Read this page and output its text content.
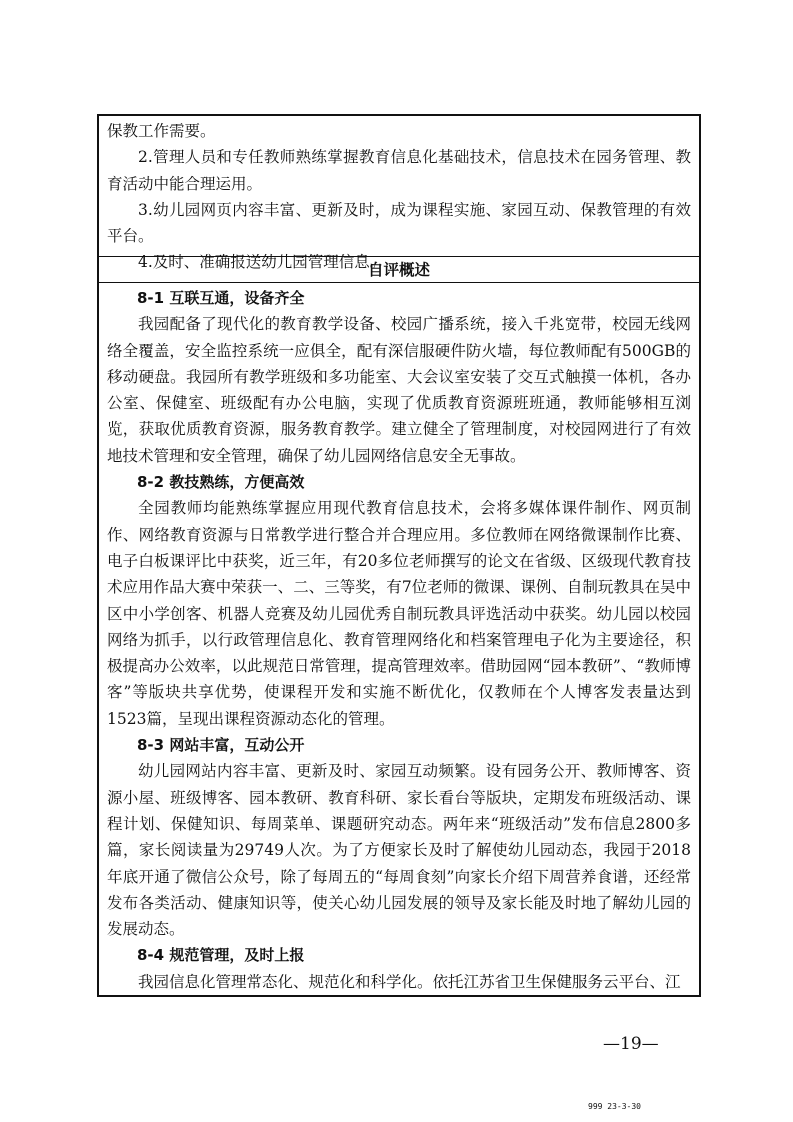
保教工作需要。

2.管理人员和专任教师熟练掌握教育信息化基础技术，信息技术在园务管理、教育活动中能合理运用。

3.幼儿园网页内容丰富、更新及时，成为课程实施、家园互动、保教管理的有效平台。

4.及时、准确报送幼儿园管理信息。

自评概述

8-1 互联互通，设备齐全

我园配备了现代化的教育教学设备、校园广播系统，接入千兆宽带，校园无线网络全覆盖，安全监控系统一应俱全，配有深信服硬件防火墙，每位教师配有500GB的移动硬盘。我园所有教学班级和多功能室、大会议室安装了交互式触摸一体机，各办公室、保健室、班级配有办公电脑，实现了优质教育资源班班通，教师能够相互浏览，获取优质教育资源，服务教育教学。建立健全了管理制度，对校园网进行了有效地技术管理和安全管理，确保了幼儿园网络信息安全无事故。

8-2 教技熟练，方便高效

全园教师均能熟练掌握应用现代教育信息技术，会将多媒体课件制作、网页制作、网络教育资源与日常教学进行整合并合理应用。多位教师在网络微课制作比赛、电子白板课评比中获奖，近三年，有20多位老师撰写的论文在省级、区级现代教育技术应用作品大赛中荣获一、二、三等奖，有7位老师的微课、课例、自制玩教具在吴中区中小学创客、机器人竞赛及幼儿园优秀自制玩教具评选活动中获奖。幼儿园以校园网络为抓手，以行政管理信息化、教育管理网络化和档案管理电子化为主要途径，积极提高办公效率，以此规范日常管理，提高管理效率。借助园网“园本教研”、“教师博客”等版块共享优势，使课程开发和实施不断优化，仅教师在个人博客发表量达到1523篇，呈现出课程资源动态化的管理。

8-3 网站丰富，互动公开

幼儿园网站内容丰富、更新及时、家园互动频繁。设有园务公开、教师博客、资源小屋、班级博客、园本教研、教育科研、家长看台等版块，定期发布班级活动、课程计划、保健知识、每周菜单、课题研究动态。两年来“班级活动”发布信息2800多篇，家长阅读量为29749人次。为了方便家长及时了解使幼儿园动态，我园于2018年底开通了微信公众号，除了每周五的“每周食刻”向家长介绍下周营养食谱，还经常发布各类活动、健康知识等，使关心幼儿园发展的领导及家长能及时地了解幼儿园的发展动态。

8-4 规范管理，及时上报

我园信息化管理常态化、规范化和科学化。依托江苏省卫生保健服务云平台、江

—19—
999 23-3-30
